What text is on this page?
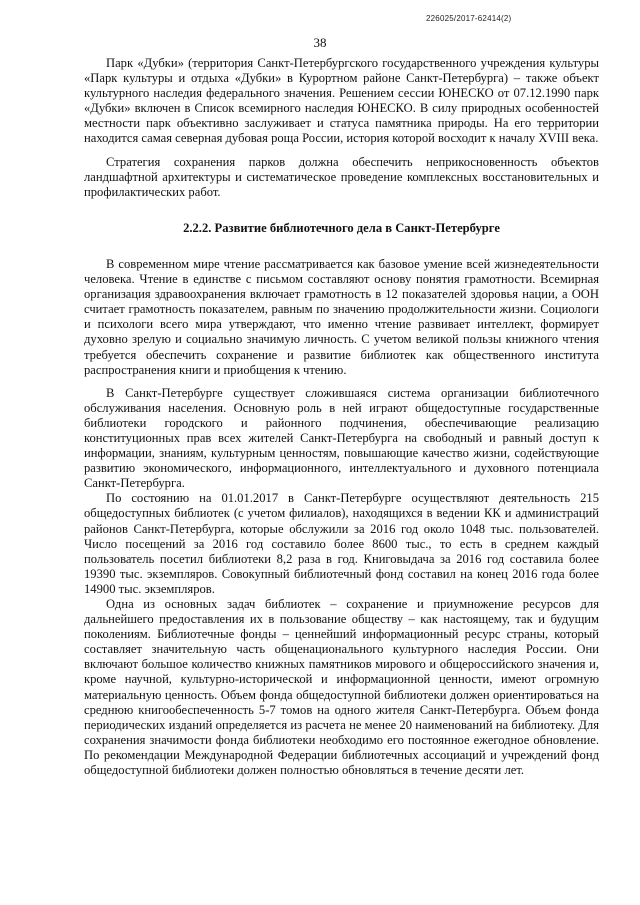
226025/2017-62414(2)
38

Парк «Дубки» (территория Санкт-Петербургского государственного учреждения культуры «Парк культуры и отдыха «Дубки» в Курортном районе Санкт-Петербурга) – также объект культурного наследия федерального значения. Решением сессии ЮНЕСКО от 07.12.1990 парк «Дубки» включен в Список всемирного наследия ЮНЕСКО. В силу природных особенностей местности парк объективно заслуживает и статуса памятника природы. На его территории находится самая северная дубовая роща России, история которой восходит к началу XVIII века.

Стратегия сохранения парков должна обеспечить неприкосновенность объектов ландшафтной архитектуры и систематическое проведение комплексных восстановительных и профилактических работ.

2.2.2. Развитие библиотечного дела в Санкт-Петербурге

В современном мире чтение рассматривается как базовое умение всей жизнедеятельности человека. Чтение в единстве с письмом составляют основу понятия грамотности. Всемирная организация здравоохранения включает грамотность в 12 показателей здоровья нации, а ООН считает грамотность показателем, равным по значению продолжительности жизни. Социологи и психологи всего мира утверждают, что именно чтение развивает интеллект, формирует духовно зрелую и социально значимую личность. С учетом великой пользы книжного чтения требуется обеспечить сохранение и развитие библиотек как общественного института распространения книги и приобщения к чтению.

В Санкт-Петербурге существует сложившаяся система организации библиотечного обслуживания населения. Основную роль в ней играют общедоступные государственные библиотеки городского и районного подчинения, обеспечивающие реализацию конституционных прав всех жителей Санкт-Петербурга на свободный и равный доступ к информации, знаниям, культурным ценностям, повышающие качество жизни, содействующие развитию экономического, информационного, интеллектуального и духовного потенциала Санкт-Петербурга.

По состоянию на 01.01.2017 в Санкт-Петербурге осуществляют деятельность 215 общедоступных библиотек (с учетом филиалов), находящихся в ведении КК и администраций районов Санкт-Петербурга, которые обслужили за 2016 год около 1048 тыс. пользователей. Число посещений за 2016 год составило более 8600 тыс., то есть в среднем каждый пользователь посетил библиотеки 8,2 раза в год. Книговыдача за 2016 год составила более 19390 тыс. экземпляров. Совокупный библиотечный фонд составил на конец 2016 года более 14900 тыс. экземпляров.

Одна из основных задач библиотек – сохранение и приумножение ресурсов для дальнейшего предоставления их в пользование обществу – как настоящему, так и будущим поколениям. Библиотечные фонды – ценнейший информационный ресурс страны, который составляет значительную часть общенационального культурного наследия России. Они включают большое количество книжных памятников мирового и общероссийского значения и, кроме научной, культурно-исторической и информационной ценности, имеют огромную материальную ценность. Объем фонда общедоступной библиотеки должен ориентироваться на среднюю книгообеспеченность 5-7 томов на одного жителя Санкт-Петербурга. Объем фонда периодических изданий определяется из расчета не менее 20 наименований на библиотеку. Для сохранения значимости фонда библиотеки необходимо его постоянное ежегодное обновление. По рекомендации Международной Федерации библиотечных ассоциаций и учреждений фонд общедоступной библиотеки должен полностью обновляться в течение десяти лет.
